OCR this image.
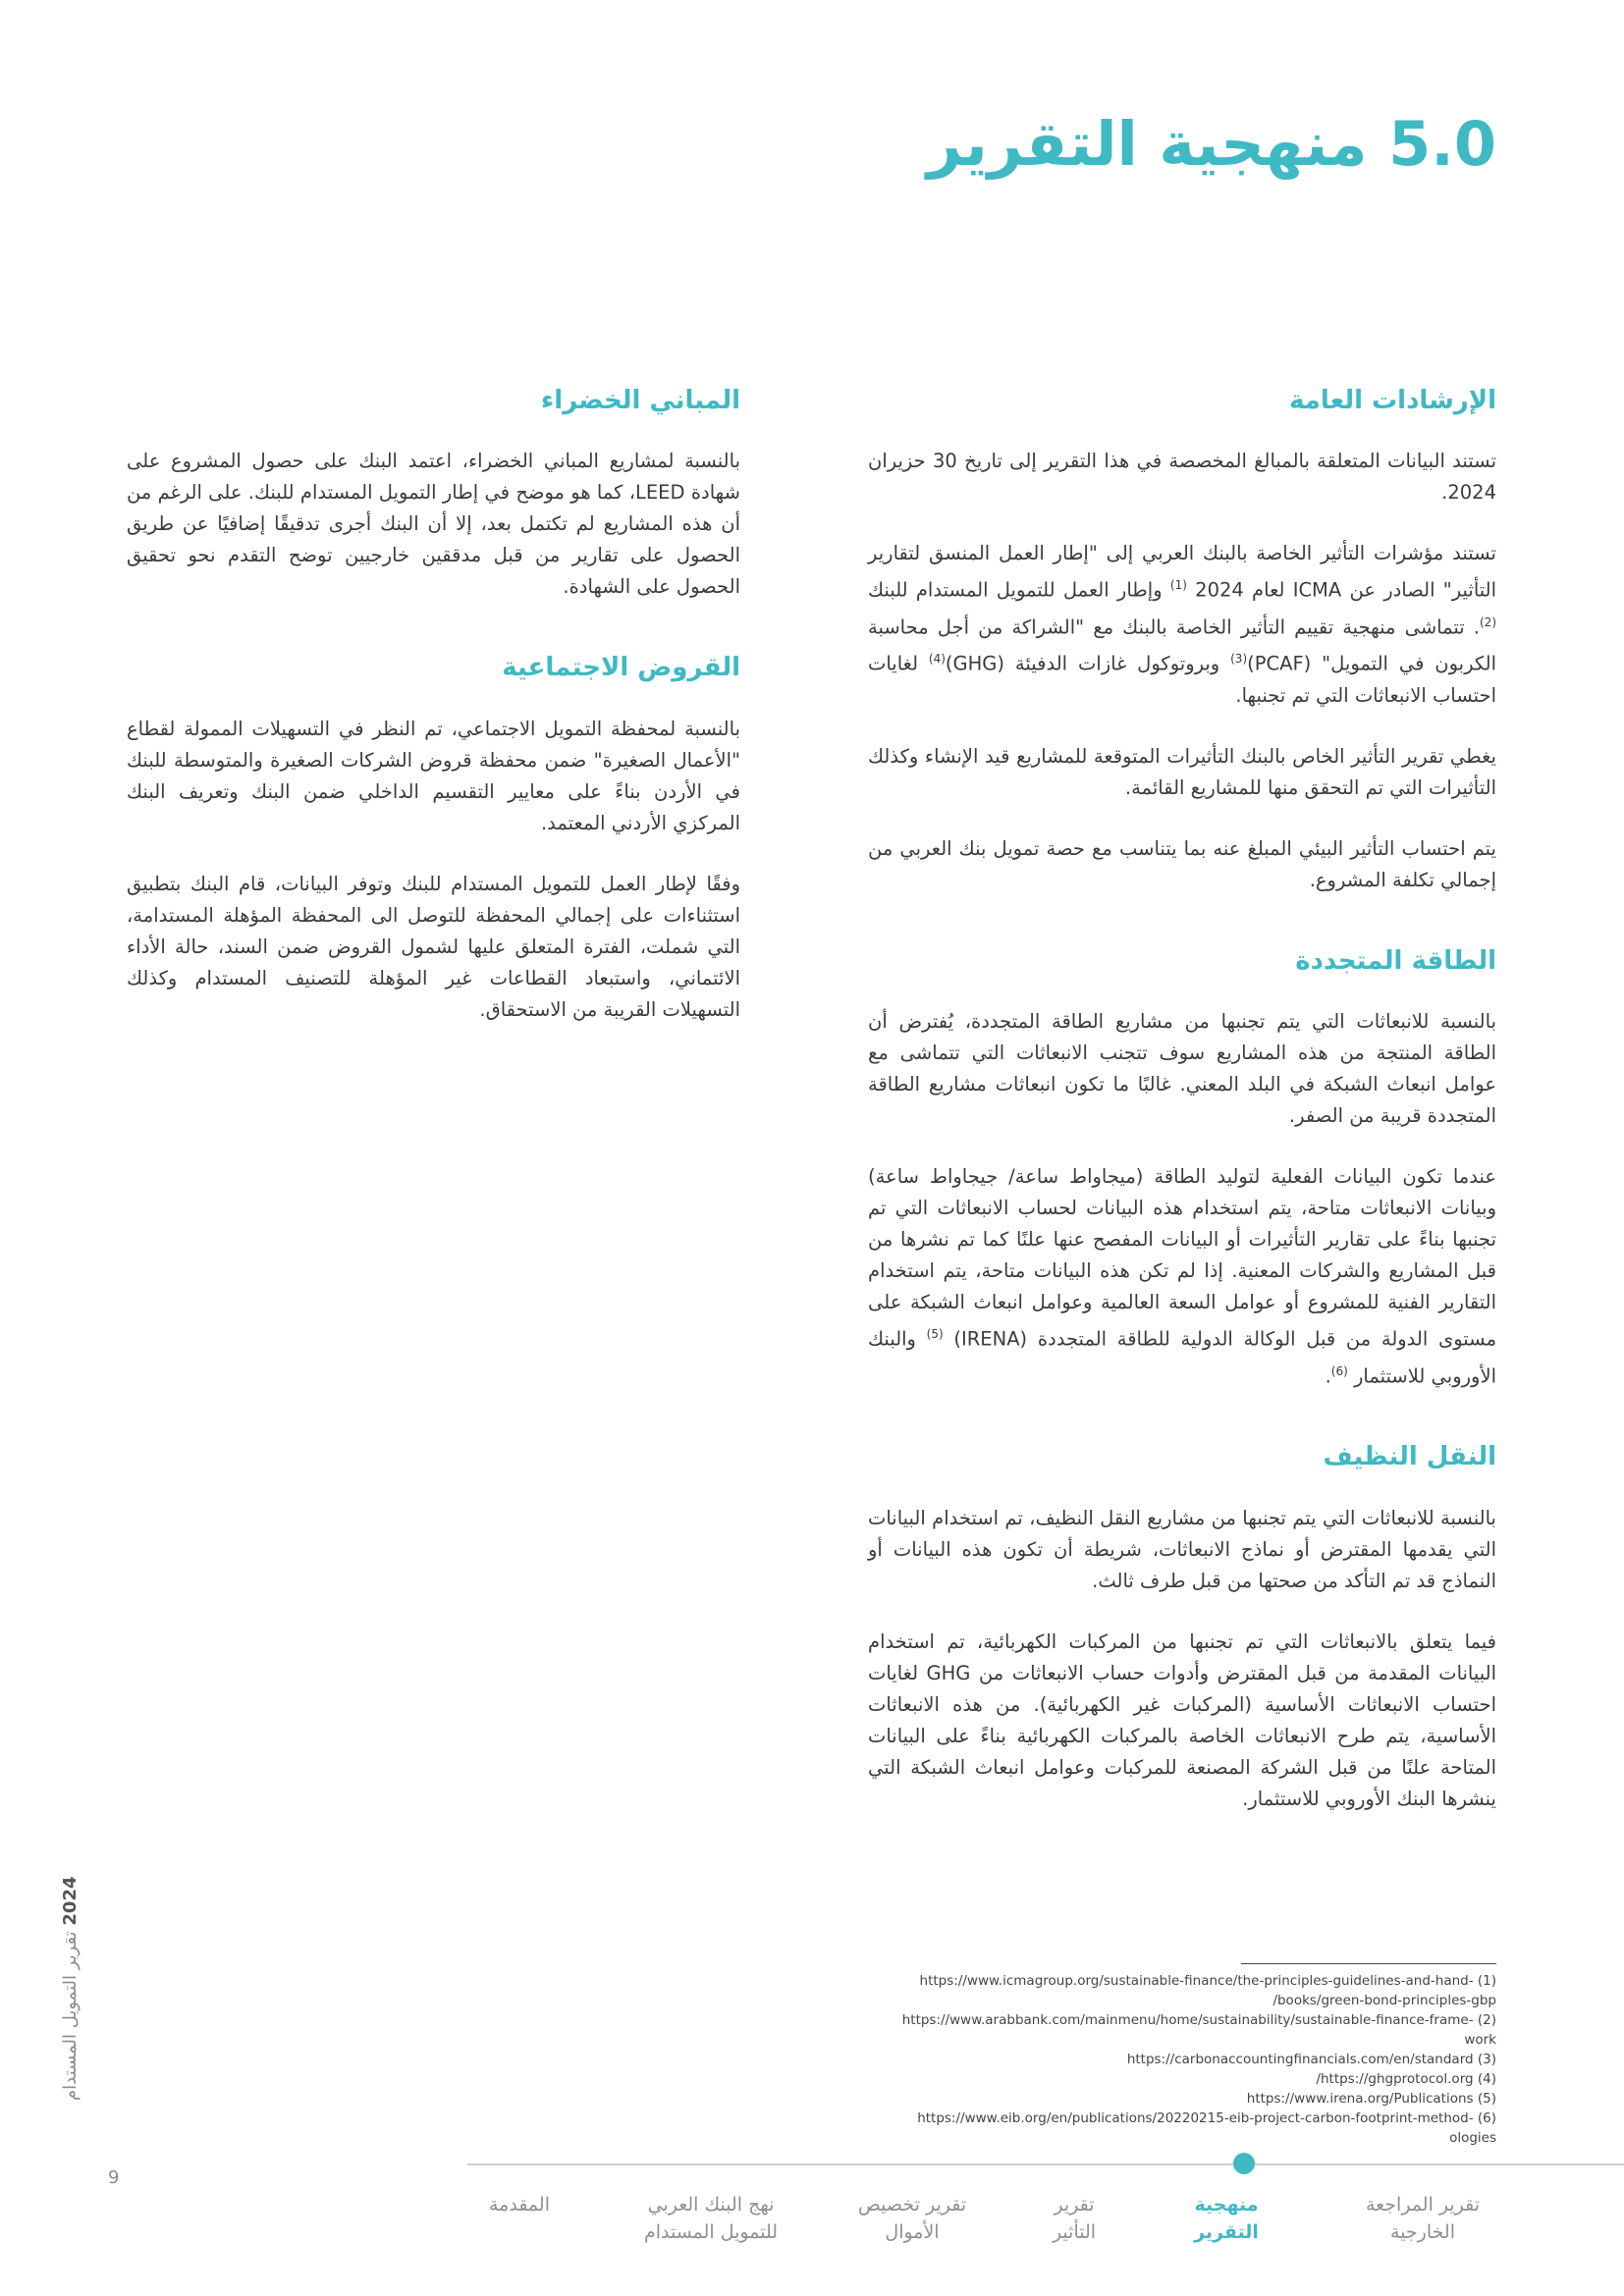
5.0 منهجية التقرير
الإرشادات العامة

تستند البيانات المتعلقة بالمبالغ المخصصة في هذا التقرير إلى تاريخ 30 حزيران 2024.

تستند مؤشرات التأثير الخاصة بالبنك العربي إلى "إطار العمل المنسق لتقارير التأثير" الصادر عن ICMA لعام 2024 $^{(1)}$ وإطار العمل للتمويل المستدام للبنك $^{(2)}$. تتماشى منهجية تقييم التأثير الخاصة بالبنك مع "الشراكة من أجل محاسبة الكربون في التمويل" (PCAF)$^{(3)}$ وبروتوكول غازات الدفيئة (GHG)$^{(4)}$ لغايات احتساب الانبعاثات التي تم تجنبها.

يغطي تقرير التأثير الخاص بالبنك التأثيرات المتوقعة للمشاريع قيد الإنشاء وكذلك التأثيرات التي تم التحقق منها للمشاريع القائمة.

يتم احتساب التأثير البيئي المبلغ عنه بما يتناسب مع حصة تمويل بنك العربي من إجمالي تكلفة المشروع.

الطاقة المتجددة

بالنسبة للانبعاثات التي يتم تجنبها من مشاريع الطاقة المتجددة، يُفترض أن الطاقة المنتجة من هذه المشاريع سوف تتجنب الانبعاثات التي تتماشى مع عوامل انبعاث الشبكة في البلد المعني. غالبًا ما تكون انبعاثات مشاريع الطاقة المتجددة قريبة من الصفر.

عندما تكون البيانات الفعلية لتوليد الطاقة (ميجاواط ساعة/ جيجاواط ساعة) وبيانات الانبعاثات متاحة، يتم استخدام هذه البيانات لحساب الانبعاثات التي تم تجنبها بناءً على تقارير التأثيرات أو البيانات المفصح عنها علنًا كما تم نشرها من قبل المشاريع والشركات المعنية. إذا لم تكن هذه البيانات متاحة، يتم استخدام التقارير الفنية للمشروع أو عوامل السعة العالمية وعوامل انبعاث الشبكة على مستوى الدولة من قبل الوكالة الدولية للطاقة المتجددة (IRENA) $^{(5)}$ والبنك الأوروبي للاستثمار $^{(6)}$.

النقل النظيف

بالنسبة للانبعاثات التي يتم تجنبها من مشاريع النقل النظيف، تم استخدام البيانات التي يقدمها المقترض أو نماذج الانبعاثات، شريطة أن تكون هذه البيانات أو النماذج قد تم التأكد من صحتها من قبل طرف ثالث.

فيما يتعلق بالانبعاثات التي تم تجنبها من المركبات الكهربائية، تم استخدام البيانات المقدمة من قبل المقترض وأدوات حساب الانبعاثات من GHG لغايات احتساب الانبعاثات الأساسية (المركبات غير الكهربائية). من هذه الانبعاثات الأساسية، يتم طرح الانبعاثات الخاصة بالمركبات الكهربائية بناءً على البيانات المتاحة علنًا من قبل الشركة المصنعة للمركبات وعوامل انبعاث الشبكة التي ينشرها البنك الأوروبي للاستثمار.

المباني الخضراء

بالنسبة لمشاريع المباني الخضراء، اعتمد البنك على حصول المشروع على شهادة LEED، كما هو موضح في إطار التمويل المستدام للبنك. على الرغم من أن هذه المشاريع لم تكتمل بعد، إلا أن البنك أجرى تدقيقًا إضافيًا عن طريق الحصول على تقارير من قبل مدققين خارجيين توضح التقدم نحو تحقيق الحصول على الشهادة.

القروض الاجتماعية

بالنسبة لمحفظة التمويل الاجتماعي، تم النظر في التسهيلات الممولة لقطاع "الأعمال الصغيرة" ضمن محفظة قروض الشركات الصغيرة والمتوسطة للبنك في الأردن بناءً على معايير التقسيم الداخلي ضمن البنك وتعريف البنك المركزي الأردني المعتمد.

وفقًا لإطار العمل للتمويل المستدام للبنك وتوفر البيانات، قام البنك بتطبيق استثناءات على إجمالي المحفظة للتوصل الى المحفظة المؤهلة المستدامة، التي شملت، الفترة المتعلق عليها لشمول القروض ضمن السند، حالة الأداء الائتماني، واستبعاد القطاعات غير المؤهلة للتصنيف المستدام وكذلك التسهيلات القريبة من الاستحقاق.

https://www.icmagroup.org/sustainable-finance/the-principles-guidelines-and-hand- (1)

/books/green-bond-principles-gbp

https://www.arabbank.com/mainmenu/home/sustainability/sustainable-finance-frame- (2)

work

https://carbonaccountingfinancials.com/en/standard (3)

/https://ghgprotocol.org (4)

https://www.irena.org/Publications (5)

https://www.eib.org/en/publications/20220215-eib-project-carbon-footprint-method- (6)

ologies

2024 تقرير التمويل المستدام
9
تقرير المراجعة
الخارجية
منهجية
التقرير
تقرير
التأثير
تقرير تخصيص
الأموال
نهج البنك العربي
للتمويل المستدام
المقدمة
